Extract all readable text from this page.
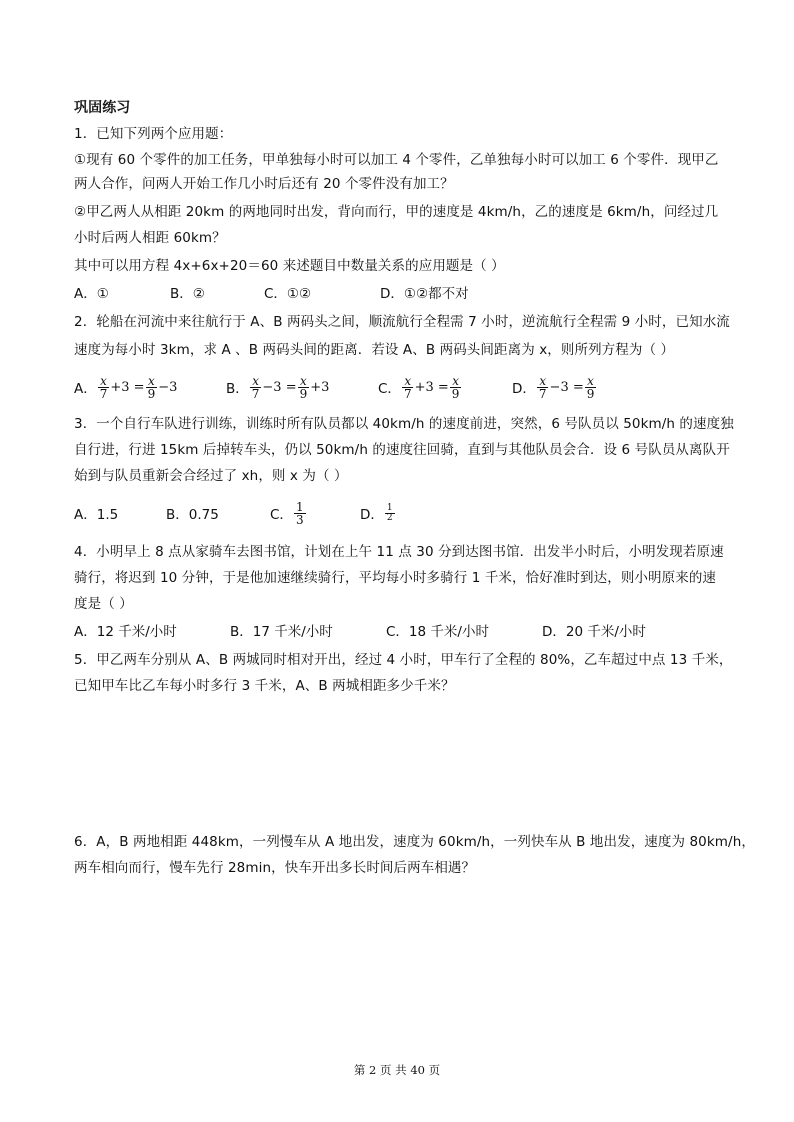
巩固练习
1．已知下列两个应用题：
①现有 60 个零件的加工任务，甲单独每小时可以加工 4 个零件，乙单独每小时可以加工 6 个零件．现甲乙
两人合作，问两人开始工作几小时后还有 20 个零件没有加工？
②甲乙两人从相距 20km 的两地同时出发，背向而行，甲的速度是 4km/h，乙的速度是 6km/h，问经过几
小时后两人相距 60km？
其中可以用方程 4x+6x+20＝60 来述题目中数量关系的应用题是（ ）
A．①	B．②	C．①②	D．①②都不对
2．轮船在河流中来往航行于 A、B 两码头之间，顺流航行全程需 7 小时，逆流航行全程需 9 小时，已知水流
速度为每小时 3km，求 A 、B 两码头间的距离．若设 A、B 两码头间距离为 x，则所列方程为（ ）
A． $\frac{x}{7} +3 = \frac{x}{9} -3$	B． $\frac{x}{7} -3 = \frac{x}{9} +3$	C． $\frac{x}{7} +3 = \frac{x}{9}$	D． $\frac{x}{7} -3 = \frac{x}{9}$
3．一个自行车队进行训练，训练时所有队员都以 40km/h 的速度前进，突然，6 号队员以 50km/h 的速度独
自行进，行进 15km 后掉转车头，仍以 50km/h 的速度往回骑，直到与其他队员会合．设 6 号队员从离队开
始到与队员重新会合经过了 xh，则 x 为（ ）
A．1.5	B．0.75	C． $\frac{1}{3}$	D． $\frac{1}{2}$
4．小明早上 8 点从家骑车去图书馆，计划在上午 11 点 30 分到达图书馆．出发半小时后，小明发现若原速
骑行，将迟到 10 分钟，于是他加速继续骑行，平均每小时多骑行 1 千米，恰好准时到达，则小明原来的速
度是（ ）
A．12 千米/小时	B．17 千米/小时	C．18 千米/小时	D．20 千米/小时
5．甲乙两车分别从 A、B 两城同时相对开出，经过 4 小时，甲车行了全程的 80%，乙车超过中点 13 千米，
已知甲车比乙车每小时多行 3 千米，A、B 两城相距多少千米？
6．A，B 两地相距 448km，一列慢车从 A 地出发，速度为 60km/h，一列快车从 B 地出发，速度为 80km/h，
两车相向而行，慢车先行 28min，快车开出多长时间后两车相遇？
第 2 页 共 40 页
